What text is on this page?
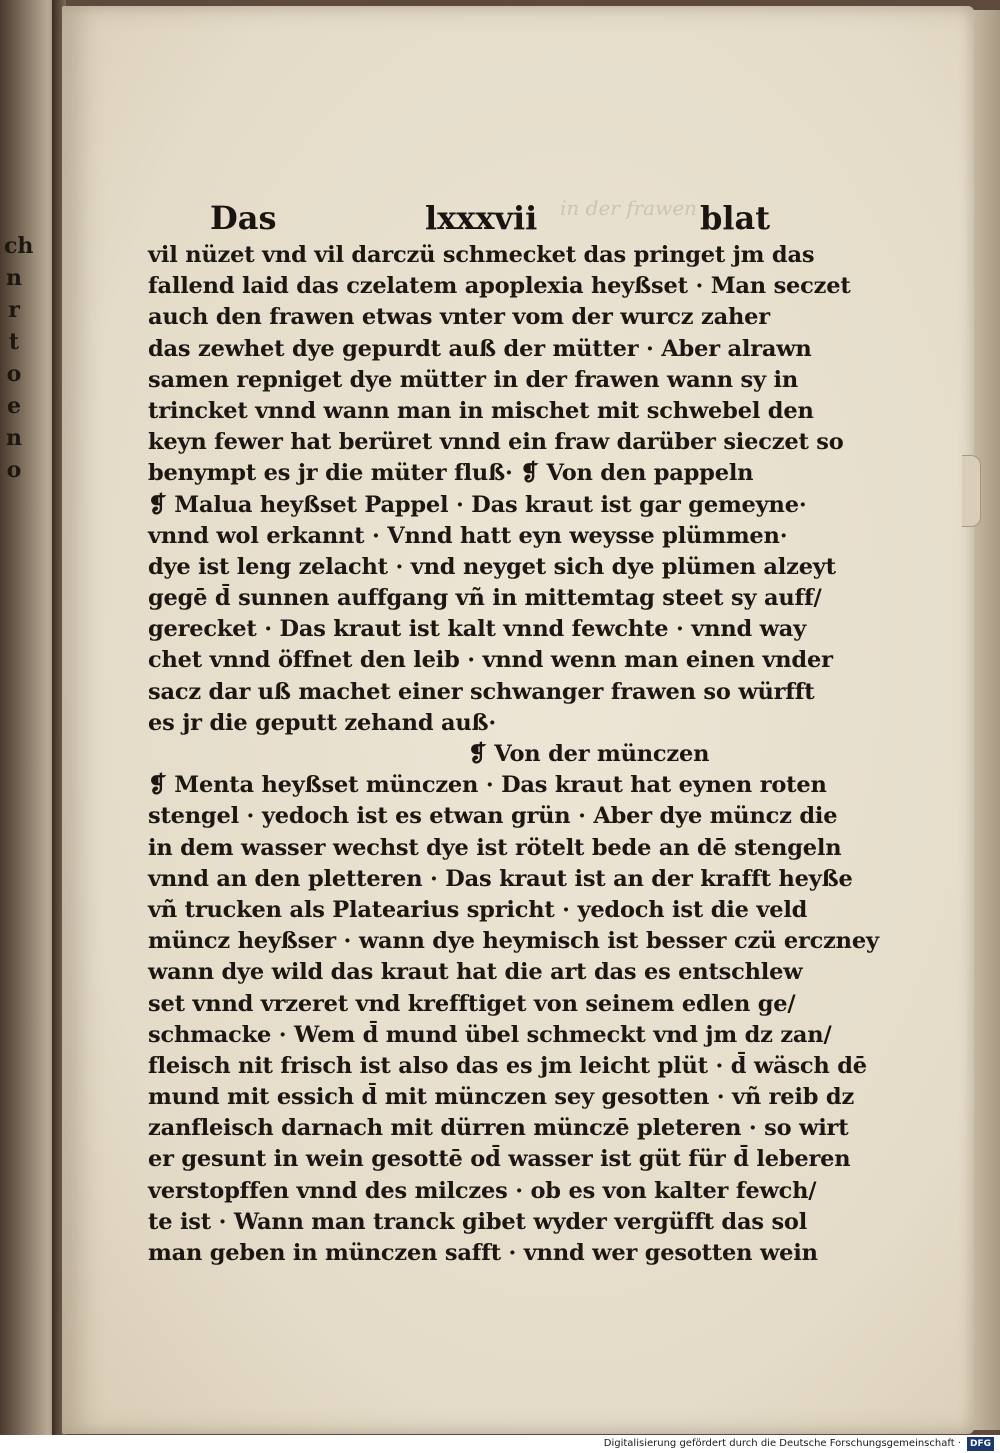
ch
n
r
t
o
e
n
o
in der frawen
Das	lxxxvii	blat
vil nüzet vnd vil darczü schmecket das pringet jm das
fallend laid das czelatem apoplexia heyßset · Man seczet
auch den frawen etwas vnter vom der wurcz zaher
das zewhet dye gepurdt auß der mütter · Aber alrawn
samen repniget dye mütter in der frawen wann sy in
trincket vnnd wann man in mischet mit schwebel den
keyn fewer hat berüret vnnd ein fraw darüber sieczet so
benympt es jr die müter fluß· ❡ Von den pappeln
❡ Malua heyßset Pappel · Das kraut ist gar gemeyne·
vnnd wol erkannt · Vnnd hatt eyn weysse plümmen·
dye ist leng zelacht · vnd neyget sich dye plümen alzeyt
gegē d̄ sunnen auffgang vñ in mittemtag steet sy auff/
gerecket · Das kraut ist kalt vnnd fewchte · vnnd way
chet vnnd öffnet den leib · vnnd wenn man einen vnder
sacz dar uß machet einer schwanger frawen so würfft
es jr die geputt zehand auß·
❡ Von der münczen
❡ Menta heyßset münczen · Das kraut hat eynen roten
stengel · yedoch ist es etwan grün · Aber dye müncz die
in dem wasser wechst dye ist rötelt bede an dē stengeln
vnnd an den pletteren · Das kraut ist an der krafft heyße
vñ trucken als Platearius spricht · yedoch ist die veld
müncz heyßser · wann dye heymisch ist besser czü erczney
wann dye wild das kraut hat die art das es entschlew
set vnnd vrzeret vnd krefftiget von seinem edlen ge/
schmacke · Wem d̄ mund übel schmeckt vnd jm dz zan/
fleisch nit frisch ist also das es jm leicht plüt · d̄ wäsch dē
mund mit essich d̄ mit münczen sey gesotten · vñ reib dz
zanfleisch darnach mit dürren münczē pleteren · so wirt
er gesunt in wein gesottē od̄ wasser ist güt für d̄ leberen
verstopffen vnnd des milczes · ob es von kalter fewch/
te ist · Wann man tranck gibet wyder vergüfft das sol
man geben in münczen safft · vnnd wer gesotten wein
Digitalisierung gefördert durch die Deutsche Forschungsgemeinschaft · DFG
